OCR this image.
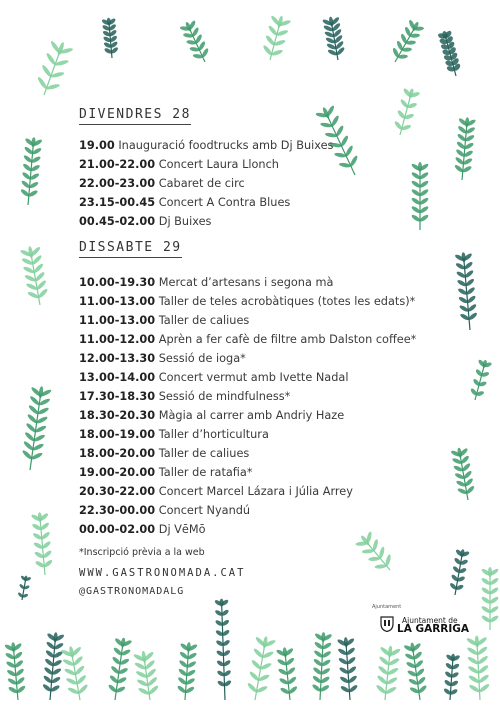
DIVENDRES 28
19.00 Inauguració foodtrucks amb Dj Buixes
21.00-22.00 Concert Laura Llonch
22.00-23.00 Cabaret de circ
23.15-00.45 Concert A Contra Blues
00.45-02.00 Dj Buixes
DISSABTE 29
10.00-19.30 Mercat d’artesans i segona mà
11.00-13.00 Taller de teles acrobàtiques (totes les edats)*
11.00-13.00 Taller de caliues
11.00-12.00 Aprèn a fer cafè de filtre amb Dalston coffee*
12.00-13.30 Sessió de ioga*
13.00-14.00 Concert vermut amb Ivette Nadal
17.30-18.30 Sessió de mindfulness*
18.30-20.30 Màgia al carrer amb Andriy Haze
18.00-19.00 Taller d’horticultura
18.00-20.00 Taller de caliues
19.00-20.00 Taller de ratafia*
20.30-22.00 Concert Marcel Lázara i Júlia Arrey
22.30-00.00 Concert Nyandú
00.00-02.00 Dj VēMō
*Inscripció prèvia a la web
WWW.GASTRONOMADA.CAT
@GASTRONOMADALG
Ajuntament
Ajuntament de
LA GARRIGA
